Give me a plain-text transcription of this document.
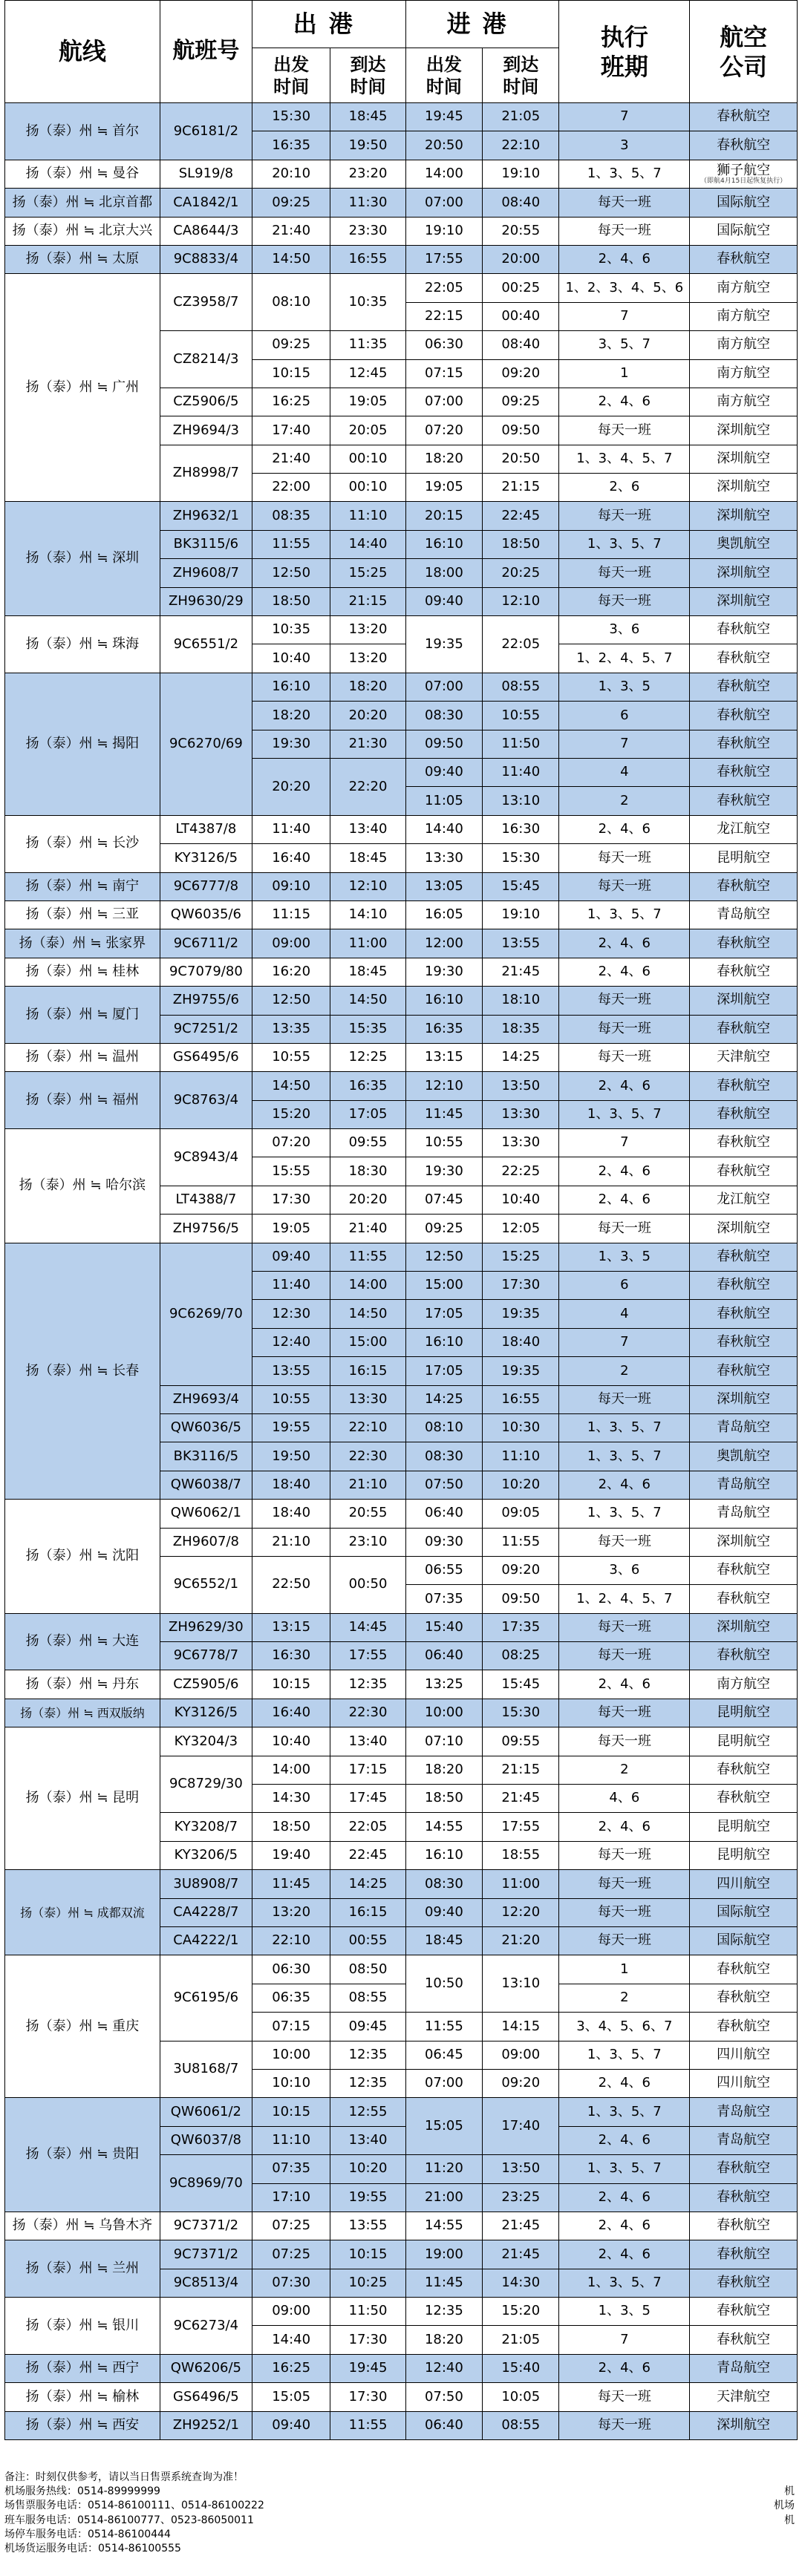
航线	航班号	出港		进港		执行班期	航空公司
		出发时间	到达时间	出发时间	到达时间		
扬（泰）州 ≒ 首尔	9C6181/2	15:30	18:45	19:45	21:05	7	春秋航空
		16:35	19:50	20:50	22:10	3	春秋航空
扬（泰）州 ≒ 曼谷	SL919/8	20:10	23:20	14:00	19:10	1、3、5、7	狮子航空
（即航4月15日起恢复执行）

扬（泰）州 ≒ 北京首都	CA1842/1	09:25	11:30	07:00	08:40	每天一班	国际航空
扬（泰）州 ≒ 北京大兴	CA8644/3	21:40	23:30	19:10	20:55	每天一班	国际航空
扬（泰）州 ≒ 太原	9C8833/4	14:50	16:55	17:55	20:00	2、4、6	春秋航空
扬（泰）州 ≒ 广州	CZ3958/7	08:10	10:35	22:05	00:25	1、2、3、4、5、6	南方航空
				22:15	00:40	7	南方航空
	CZ8214/3	09:25	11:35	06:30	08:40	3、5、7	南方航空
		10:15	12:45	07:15	09:20	1	南方航空
	CZ5906/5	16:25	19:05	07:00	09:25	2、4、6	南方航空
	ZH9694/3	17:40	20:05	07:20	09:50	每天一班	深圳航空
	ZH8998/7	21:40	00:10	18:20	20:50	1、3、4、5、7	深圳航空
		22:00	00:10	19:05	21:15	2、6	深圳航空
扬（泰）州 ≒ 深圳	ZH9632/1	08:35	11:10	20:15	22:45	每天一班	深圳航空
	BK3115/6	11:55	14:40	16:10	18:50	1、3、5、7	奥凯航空
	ZH9608/7	12:50	15:25	18:00	20:25	每天一班	深圳航空
	ZH9630/29	18:50	21:15	09:40	12:10	每天一班	深圳航空
扬（泰）州 ≒ 珠海	9C6551/2	10:35	13:20	19:35	22:05	3、6	春秋航空
		10:40	13:20			1、2、4、5、7	春秋航空
扬（泰）州 ≒ 揭阳	9C6270/69	16:10	18:20	07:00	08:55	1、3、5	春秋航空
		18:20	20:20	08:30	10:55	6	春秋航空
		19:30	21:30	09:50	11:50	7	春秋航空
		20:20	22:20	09:40	11:40	4	春秋航空
				11:05	13:10	2	春秋航空
扬（泰）州 ≒ 长沙	LT4387/8	11:40	13:40	14:40	16:30	2、4、6	龙江航空
	KY3126/5	16:40	18:45	13:30	15:30	每天一班	昆明航空
扬（泰）州 ≒ 南宁	9C6777/8	09:10	12:10	13:05	15:45	每天一班	春秋航空
扬（泰）州 ≒ 三亚	QW6035/6	11:15	14:10	16:05	19:10	1、3、5、7	青岛航空
扬（泰）州 ≒ 张家界	9C6711/2	09:00	11:00	12:00	13:55	2、4、6	春秋航空
扬（泰）州 ≒ 桂林	9C7079/80	16:20	18:45	19:30	21:45	2、4、6	春秋航空
扬（泰）州 ≒ 厦门	ZH9755/6	12:50	14:50	16:10	18:10	每天一班	深圳航空
	9C7251/2	13:35	15:35	16:35	18:35	每天一班	春秋航空
扬（泰）州 ≒ 温州	GS6495/6	10:55	12:25	13:15	14:25	每天一班	天津航空
扬（泰）州 ≒ 福州	9C8763/4	14:50	16:35	12:10	13:50	2、4、6	春秋航空
		15:20	17:05	11:45	13:30	1、3、5、7	春秋航空
扬（泰）州 ≒ 哈尔滨	9C8943/4	07:20	09:55	10:55	13:30	7	春秋航空
		15:55	18:30	19:30	22:25	2、4、6	春秋航空
	LT4388/7	17:30	20:20	07:45	10:40	2、4、6	龙江航空
	ZH9756/5	19:05	21:40	09:25	12:05	每天一班	深圳航空
扬（泰）州 ≒ 长春	9C6269/70	09:40	11:55	12:50	15:25	1、3、5	春秋航空
		11:40	14:00	15:00	17:30	6	春秋航空
		12:30	14:50	17:05	19:35	4	春秋航空
		12:40	15:00	16:10	18:40	7	春秋航空
		13:55	16:15	17:05	19:35	2	春秋航空
	ZH9693/4	10:55	13:30	14:25	16:55	每天一班	深圳航空
	QW6036/5	19:55	22:10	08:10	10:30	1、3、5、7	青岛航空
	BK3116/5	19:50	22:30	08:30	11:10	1、3、5、7	奥凯航空
	QW6038/7	18:40	21:10	07:50	10:20	2、4、6	青岛航空
扬（泰）州 ≒ 沈阳	QW6062/1	18:40	20:55	06:40	09:05	1、3、5、7	青岛航空
	ZH9607/8	21:10	23:10	09:30	11:55	每天一班	深圳航空
	9C6552/1	22:50	00:50	06:55	09:20	3、6	春秋航空
				07:35	09:50	1、2、4、5、7	春秋航空
扬（泰）州 ≒ 大连	ZH9629/30	13:15	14:45	15:40	17:35	每天一班	深圳航空
	9C6778/7	16:30	17:55	06:40	08:25	每天一班	春秋航空
扬（泰）州 ≒ 丹东	CZ5905/6	10:15	12:35	13:25	15:45	2、4、6	南方航空
扬（泰）州 ≒ 西双版纳	KY3126/5	16:40	22:30	10:00	15:30	每天一班	昆明航空
扬（泰）州 ≒ 昆明	KY3204/3	10:40	13:40	07:10	09:55	每天一班	昆明航空
	9C8729/30	14:00	17:15	18:20	21:15	2	春秋航空
		14:30	17:45	18:50	21:45	4、6	春秋航空
	KY3208/7	18:50	22:05	14:55	17:55	2、4、6	昆明航空
	KY3206/5	19:40	22:45	16:10	18:55	每天一班	昆明航空
扬（泰）州 ≒ 成都双流	3U8908/7	11:45	14:25	08:30	11:00	每天一班	四川航空
	CA4228/7	13:20	16:15	09:40	12:20	每天一班	国际航空
	CA4222/1	22:10	00:55	18:45	21:20	每天一班	国际航空
扬（泰）州 ≒ 重庆	9C6195/6	06:30	08:50	10:50	13:10	1	春秋航空
		06:35	08:55			2	春秋航空
		07:15	09:45	11:55	14:15	3、4、5、6、7	春秋航空
	3U8168/7	10:00	12:35	06:45	09:00	1、3、5、7	四川航空
		10:10	12:35	07:00	09:20	2、4、6	四川航空
扬（泰）州 ≒ 贵阳	QW6061/2	10:15	12:55	15:05	17:40	1、3、5、7	青岛航空
	QW6037/8	11:10	13:40			2、4、6	青岛航空
	9C8969/70	07:35	10:20	11:20	13:50	1、3、5、7	春秋航空
		17:10	19:55	21:00	23:25	2、4、6	春秋航空
扬（泰）州 ≒ 乌鲁木齐	9C7371/2	07:25	13:55	14:55	21:45	2、4、6	春秋航空
扬（泰）州 ≒ 兰州	9C7371/2	07:25	10:15	19:00	21:45	2、4、6	春秋航空
	9C8513/4	07:30	10:25	11:45	14:30	1、3、5、7	春秋航空
扬（泰）州 ≒ 银川	9C6273/4	09:00	11:50	12:35	15:20	1、3、5	春秋航空
		14:40	17:30	18:20	21:05	7	春秋航空
扬（泰）州 ≒ 西宁	QW6206/5	16:25	19:45	12:40	15:40	2、4、6	青岛航空
扬（泰）州 ≒ 榆林	GS6496/5	15:05	17:30	07:50	10:05	每天一班	天津航空
扬（泰）州 ≒ 西安	ZH9252/1	09:40	11:55	06:40	08:55	每天一班	深圳航空
备注：时刻仅供参考，请以当日售票系统查询为准！
机场服务热线：0514-89999999
场售票服务电话：0514-86100111、0514-86100222
班车服务电话：0514-86100777、0523-86050011
场停车服务电话：0514-86100444
机场货运服务电话：0514-86100555
机
机场
机
